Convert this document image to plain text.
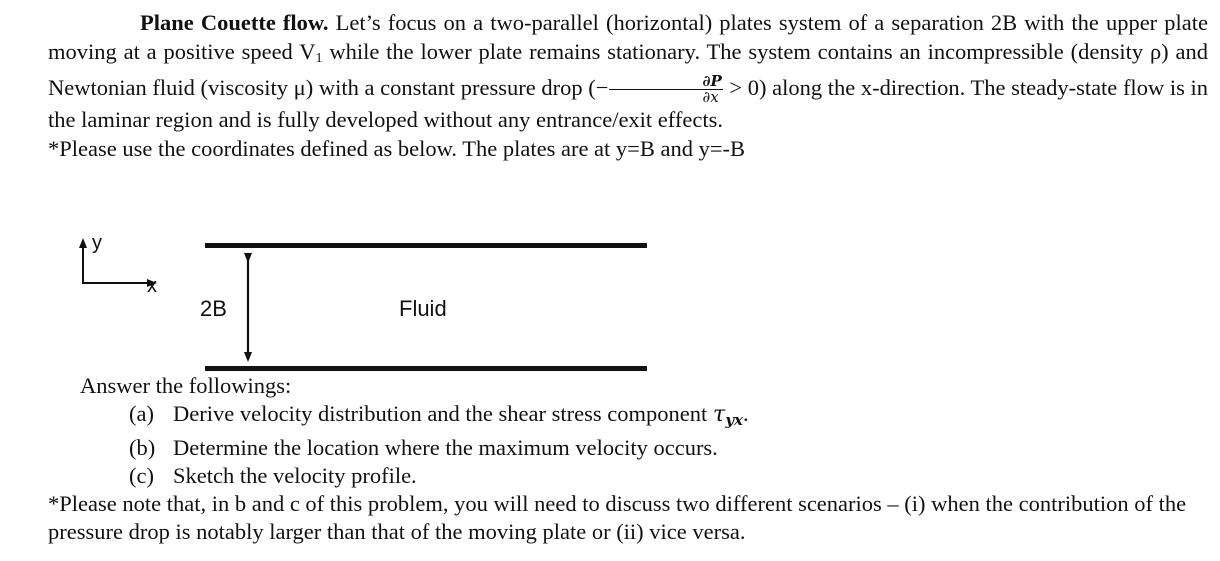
Plane Couette flow. Let’s focus on a two-parallel (horizontal) plates system of a separation 2B with the upper plate moving at a positive speed $V_1$ while the lower plate remains stationary. The system contains an incompressible (density ρ) and Newtonian fluid (viscosity μ) with a constant pressure drop (− $\frac{\partial P}{\partial x} > 0$) along the x-direction. The steady-state flow is in the laminar region and is fully developed without any entrance/exit effects.
*Please use the coordinates defined as below. The plates are at y=B and y=-B
y
x
2B	Fluid
Answer the followings:
(a) Derive velocity distribution and the shear stress component τyx.
(b) Determine the location where the maximum velocity occurs.
(c) Sketch the velocity profile.
*Please note that, in b and c of this problem, you will need to discuss two different scenarios – (i) when the contribution of the pressure drop is notably larger than that of the moving plate or (ii) vice versa.
